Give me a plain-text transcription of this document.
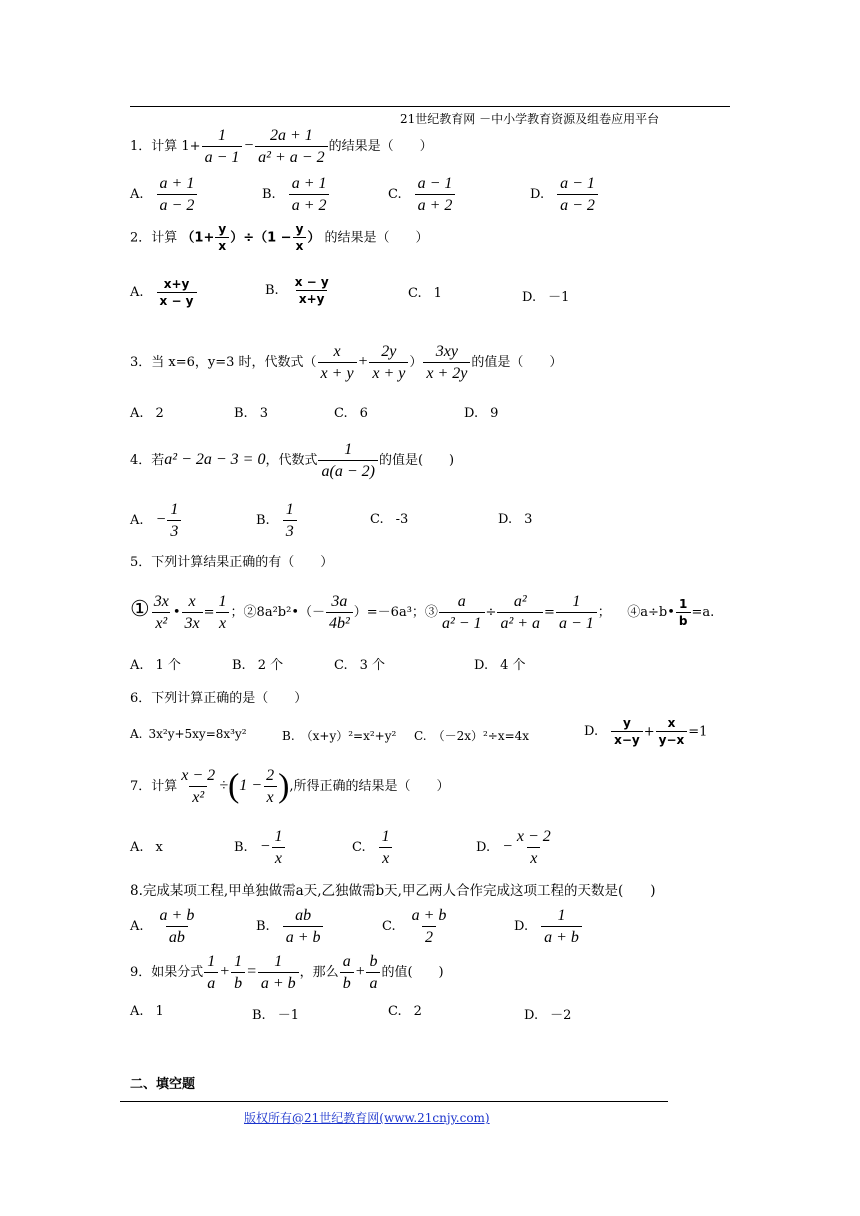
21世纪教育网 －中小学教育资源及组卷应用平台
1．计算 $1+ \frac{1}{a - 1} - \frac{2a + 1}{\text{a² + a − 2}}$ 的结果是（　　）
A. $\frac{a + 1}{a - 2}$	B. $\frac{a + 1}{a + 2}$	C. $\frac{a - 1}{a + 2}$	D. $\frac{a - 1}{a - 2}$
2．计算 $(1+ \frac{y}{x} )\div(1 - \frac{y}{x}$ ） 的结果是（　　）
A. $\frac{x+y}{x - y}$	B. $\frac{x - y}{x+y}$	C. 1	D. －1
3．当 x=6，y=3 时，代数式（ $\frac{x}{x + y} + \frac{2y}{x + y}$ ） $\frac{3xy}{x + 2y}$ 的值是（　　）
A. 2	B. 3	C. 6	D. 9
4．若a² − 2a − 3 = 0，代数式 $\frac{1}{a(a - 2)}$ 的值是(　　)
A. − $\frac{1}{3}$	B. $\frac{1}{3}$	C. -3	D. 3
5．下列计算结果正确的有（　　）
① $\frac{3x}{\text{x²}}$ • $\frac{x}{3x} = \frac{1}{x}$ ；②8a²b²•（－ $\frac{3a}{\text{4b²}} )=-6a^3$；③ $\frac{a}{\text{a² − 1}} \div \frac{\text{a²}}{\text{a² + a}} = \frac{1}{a - 1}$ ； ④a÷b• $\frac{1}{b} =a$.
A. 1 个	B. 2 个	C. 3 个	D. 4 个
6．下列计算正确的是（　　）
A. 3x²y+5xy=8x³y²	B. （x+y）²=x²+y² C. （－2x）²÷x=4x	D. $\frac{y}{x-y} + \frac{x}{y-x} =1$
7．计算 $\frac{x - 2}{\text{x²}} \div(1 - \frac{2}{x}$ ),所得正确的结果是（　　）
A. x	B. − $\frac{1}{x}$	C. $\frac{1}{x}$	D. − $\frac{x - 2}{x}$
8.完成某项工程,甲单独做需a天,乙独做需b天,甲乙两人合作完成这项工程的天数是(　　)
A. $\frac{a + b}{ab}$	B. $\frac{ab}{a + b}$	C. $\frac{a + b}{2}$	D. $\frac{1}{a + b}$
9．如果分式 $\frac{1}{a} + \frac{1}{b} = \frac{1}{a + b}$ ，那么 $\frac{a}{b} + \frac{b}{a}$ 的值(　　)
A. 1	B. －1	C. 2	D. －2
二、填空题
版权所有@21世纪教育网(www.21cnjy.com)
